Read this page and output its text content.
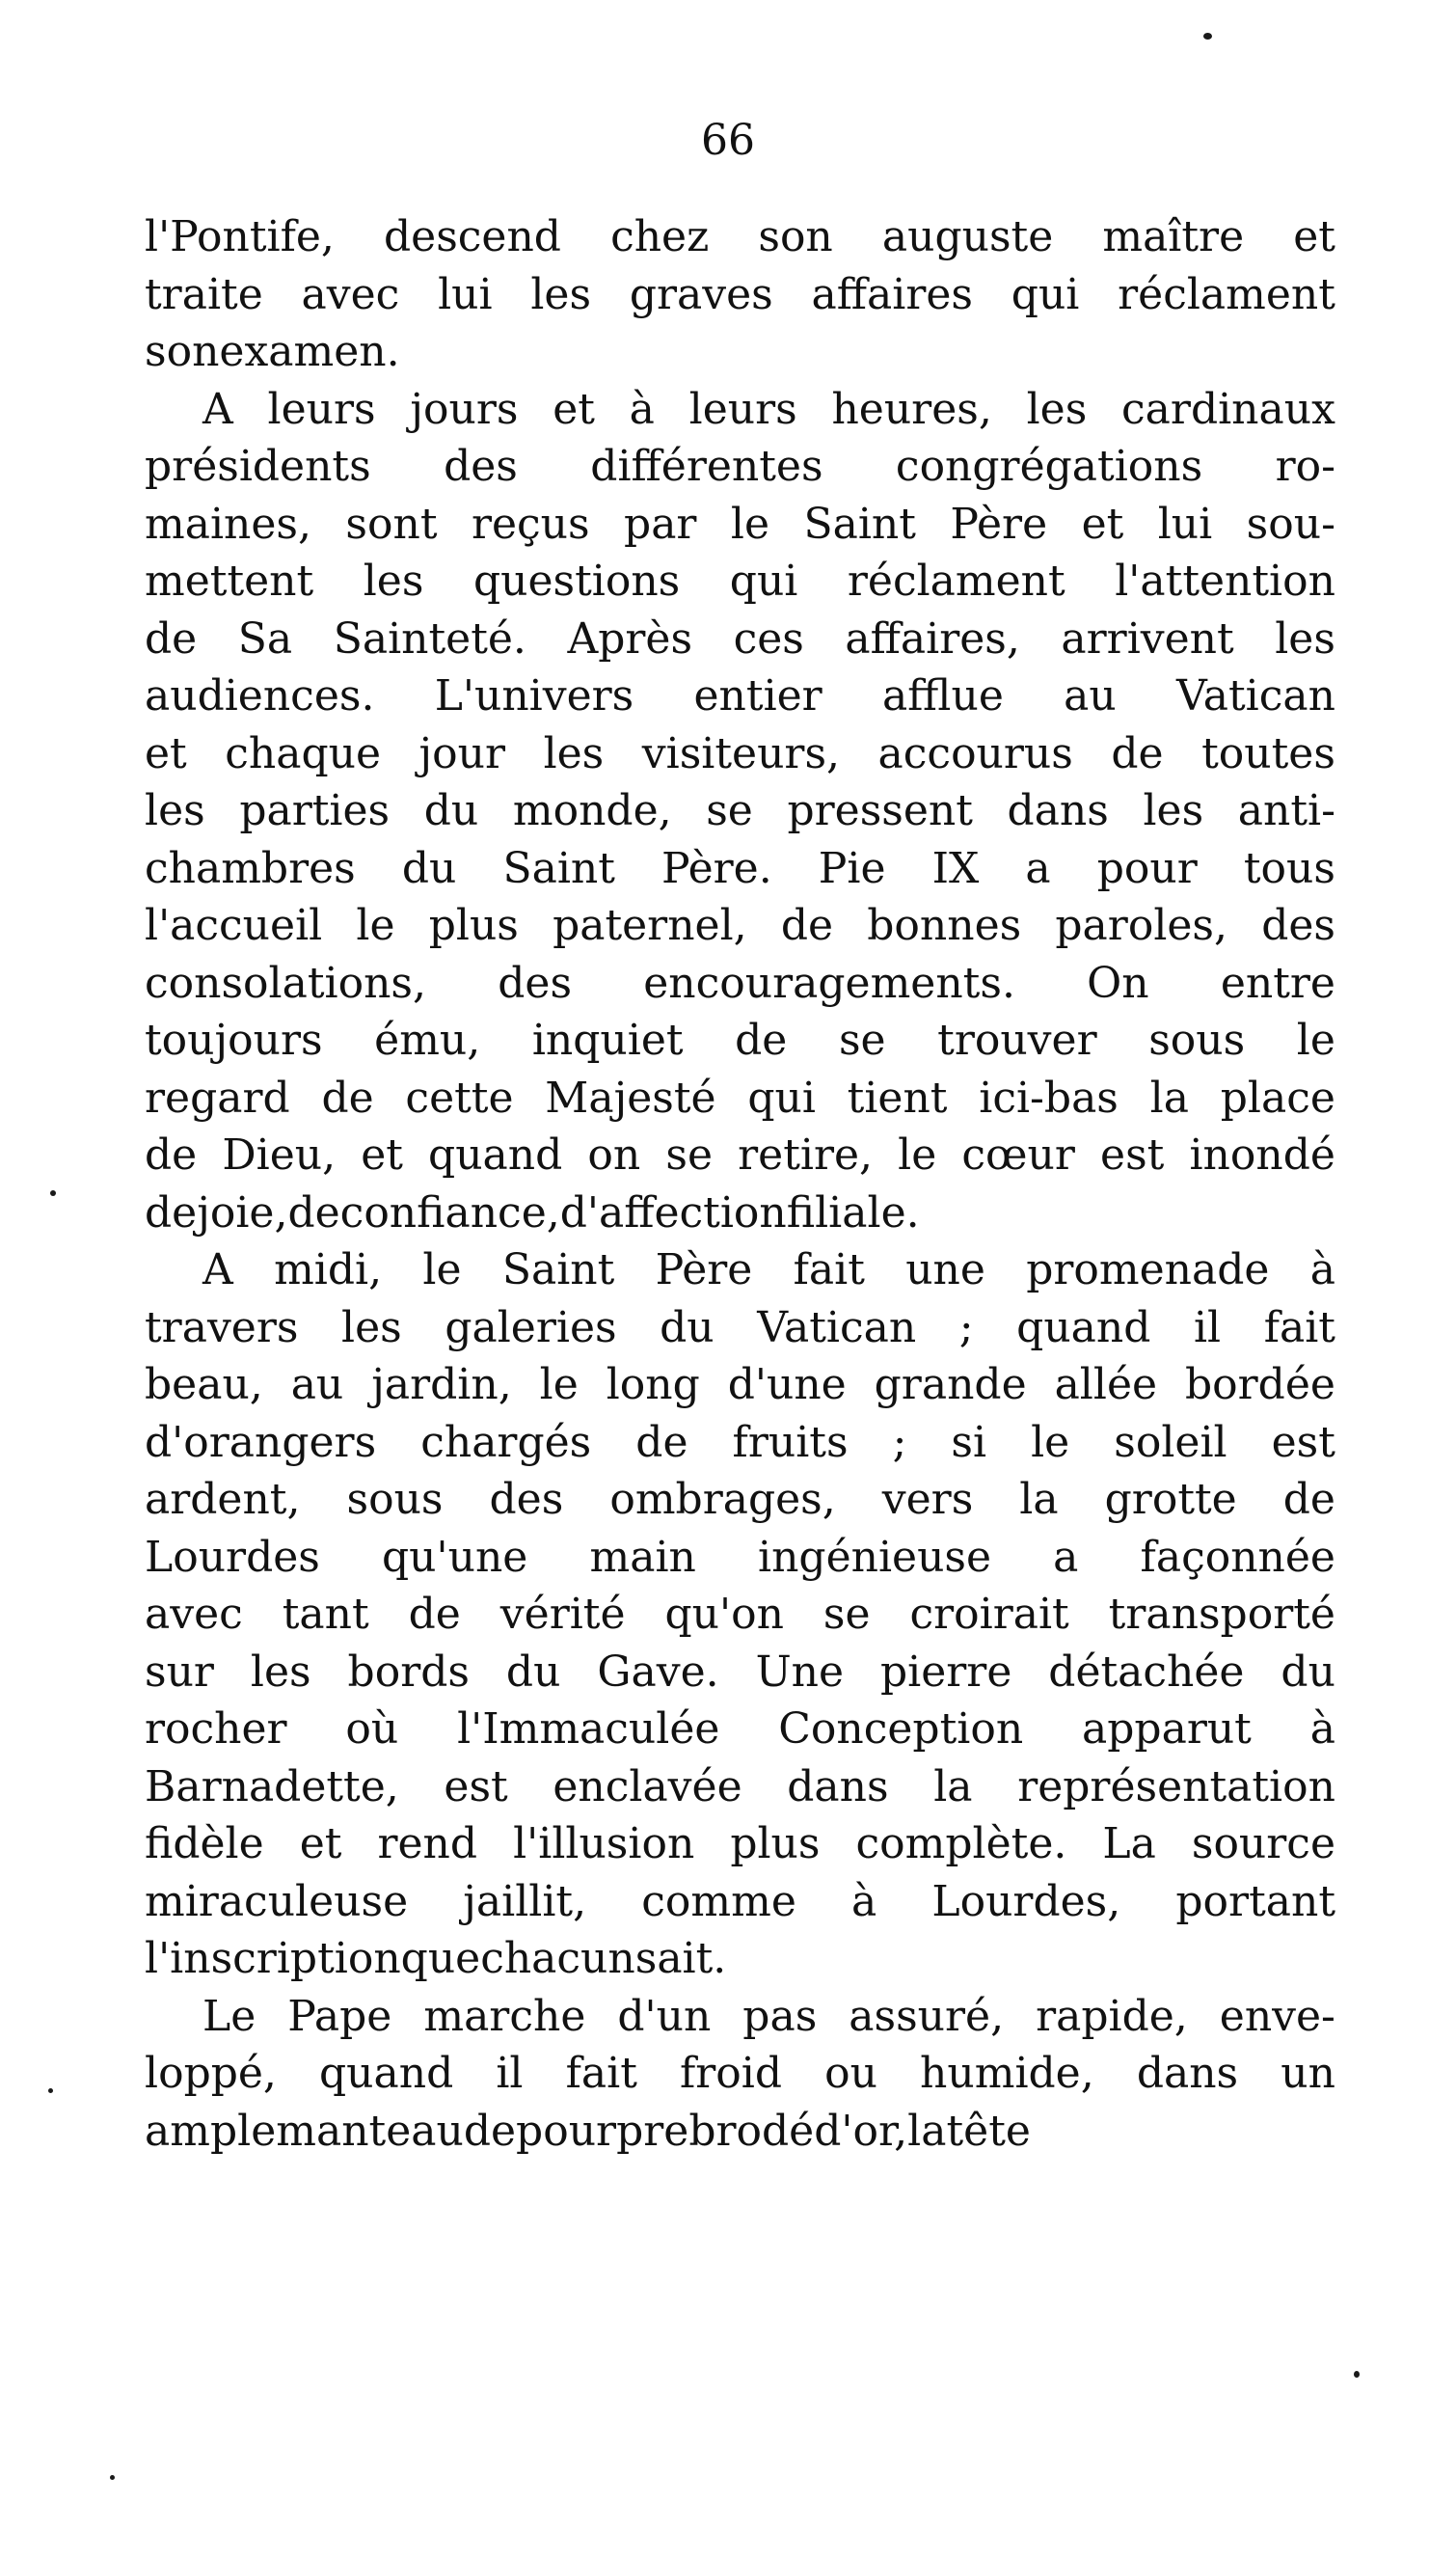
66
l'Pontife, descend chez son auguste maître et
traite avec lui les graves affaires qui réclament
son examen.
A leurs jours et à leurs heures, les cardinaux
présidents des différentes congrégations ro-
maines, sont reçus par le Saint Père et lui sou-
mettent les questions qui réclament l'attention
de Sa Sainteté. Après ces affaires, arrivent les
audiences. L'univers entier afflue au Vatican
et chaque jour les visiteurs, accourus de toutes
les parties du monde, se pressent dans les anti-
chambres du Saint Père. Pie IX a pour tous
l'accueil le plus paternel, de bonnes paroles, des
consolations, des encouragements. On entre
toujours ému, inquiet de se trouver sous le
regard de cette Majesté qui tient ici-bas la place
de Dieu, et quand on se retire, le cœur est inondé
de joie, de confiance, d'affection filiale.
A midi, le Saint Père fait une promenade à
travers les galeries du Vatican ; quand il fait
beau, au jardin, le long d'une grande allée bordée
d'orangers chargés de fruits ; si le soleil est
ardent, sous des ombrages, vers la grotte de
Lourdes qu'une main ingénieuse a façonnée
avec tant de vérité qu'on se croirait transporté
sur les bords du Gave. Une pierre détachée du
rocher où l'Immaculée Conception apparut à
Barnadette, est enclavée dans la représentation
fidèle et rend l'illusion plus complète. La source
miraculeuse jaillit, comme à Lourdes, portant
l'inscription que chacun sait.
Le Pape marche d'un pas assuré, rapide, enve-
loppé, quand il fait froid ou humide, dans un
ample manteau de pourpre brodé d'or, la tête
